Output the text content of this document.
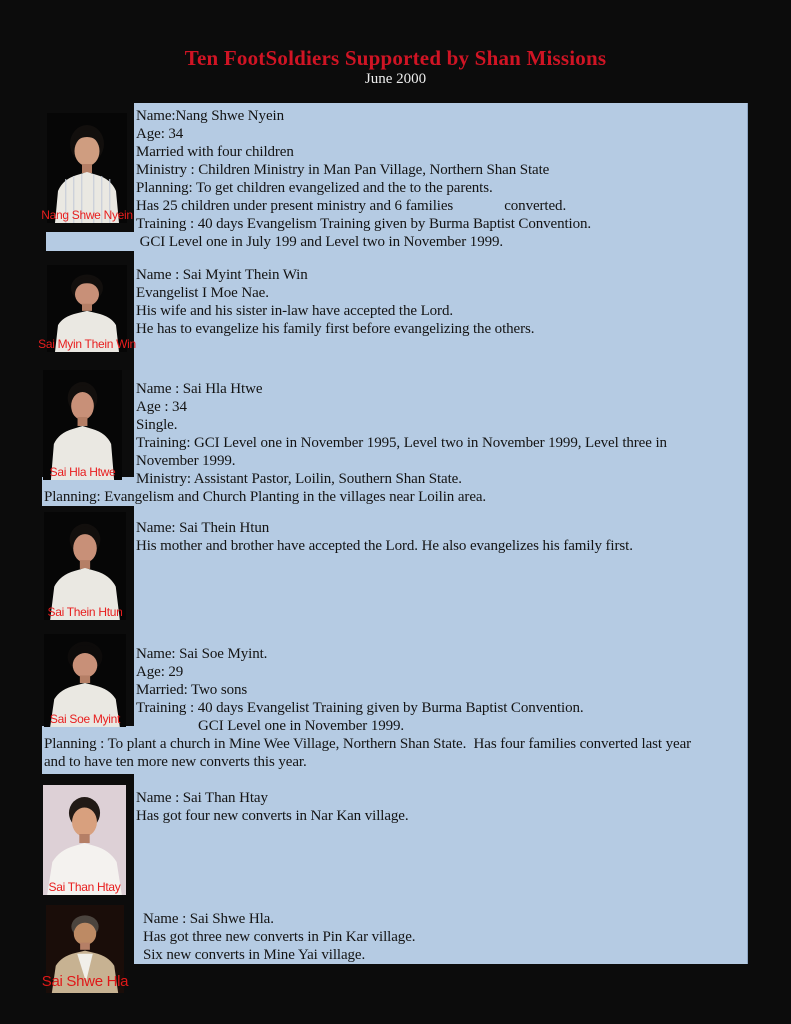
Ten FootSoldiers Supported by Shan Missions
June 2000
Nang Shwe Nyein
Sai Myin Thein Win
Sai Hla Htwe
Sai Thein Htun
Sai Soe Myint
Sai Than Htay
Sai Shwe Hla
Name:Nang Shwe Nyein
Age: 34
Married with four children
Ministry : Children Ministry in Man Pan Village, Northern Shan State
Planning: To get children evangelized and the to the parents.
Has 25 children under present ministry and 6 families              converted.
Training : 40 days Evangelism Training given by Burma Baptist Convention.
GCI Level one in July 199 and Level two in November 1999.
Name : Sai Myint Thein Win
Evangelist I Moe Nae.
His wife and his sister in-law have accepted the Lord.
He has to evangelize his family first before evangelizing the others.
Name : Sai Hla Htwe
Age : 34
Single.
Training: GCI Level one in November 1995, Level two in November 1999, Level three in
November 1999.
Ministry: Assistant Pastor, Loilin, Southern Shan State.
Planning: Evangelism and Church Planting in the villages near Loilin area.
Name: Sai Thein Htun
His mother and brother have accepted the Lord. He also evangelizes his family first.
Name: Sai Soe Myint.
Age: 29
Married: Two sons
Training : 40 days Evangelist Training given by Burma Baptist Convention.
GCI Level one in November 1999.
Planning : To plant a church in Mine Wee Village, Northern Shan State.  Has four families converted last year
and to have ten more new converts this year.
Name : Sai Than Htay
Has got four new converts in Nar Kan village.
Name : Sai Shwe Hla.
Has got three new converts in Pin Kar village.
Six new converts in Mine Yai village.
